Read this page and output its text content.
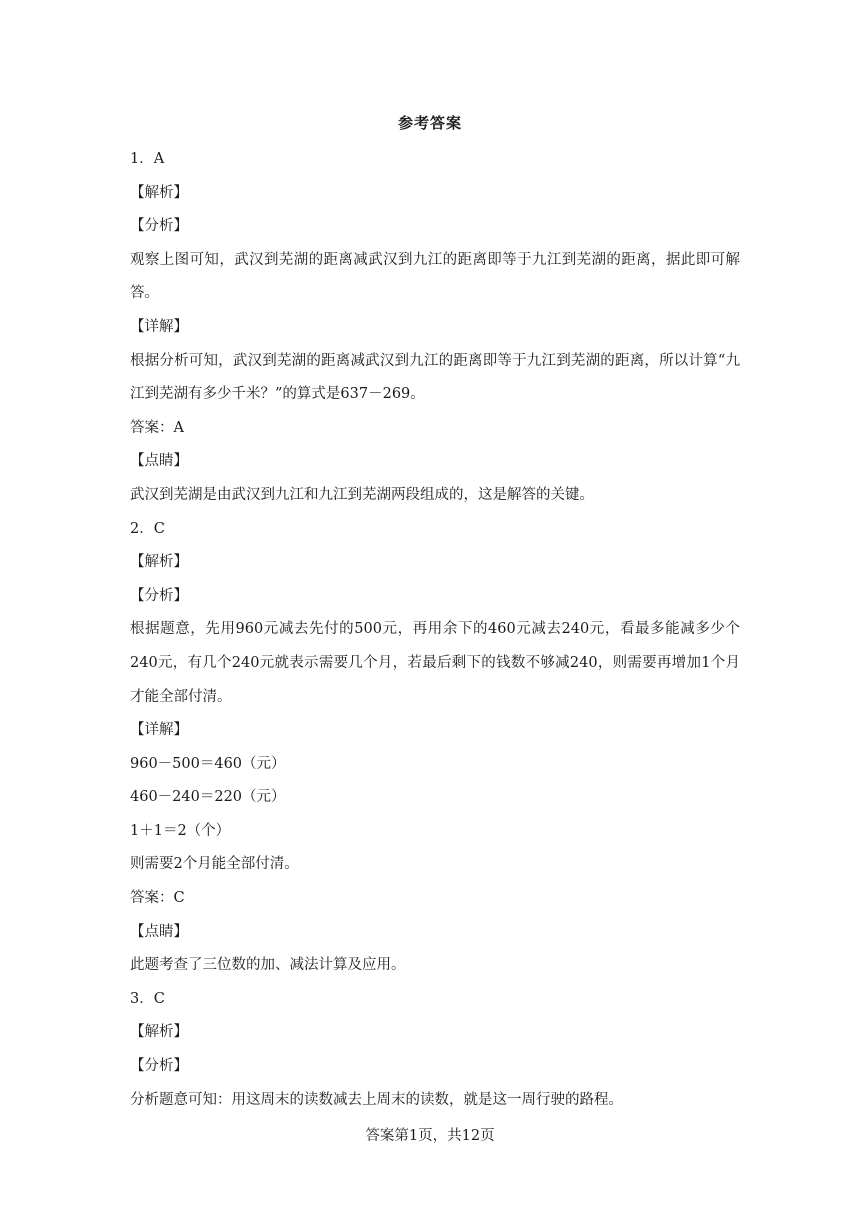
参考答案
1．A
【解析】
【分析】
观察上图可知，武汉到芜湖的距离减武汉到九江的距离即等于九江到芜湖的距离，据此即可解答。
【详解】
根据分析可知，武汉到芜湖的距离减武汉到九江的距离即等于九江到芜湖的距离，所以计算“九江到芜湖有多少千米？”的算式是637－269。
答案：A
【点睛】
武汉到芜湖是由武汉到九江和九江到芜湖两段组成的，这是解答的关键。
2．C
【解析】
【分析】
根据题意，先用960元减去先付的500元，再用余下的460元减去240元，看最多能减多少个240元，有几个240元就表示需要几个月，若最后剩下的钱数不够减240，则需要再增加1个月才能全部付清。
【详解】
960－500＝460（元）
460－240＝220（元）
1＋1＝2（个）
则需要2个月能全部付清。
答案：C
【点睛】
此题考查了三位数的加、减法计算及应用。
3．C
【解析】
【分析】
分析题意可知：用这周末的读数减去上周末的读数，就是这一周行驶的路程。
答案第1页，共12页
